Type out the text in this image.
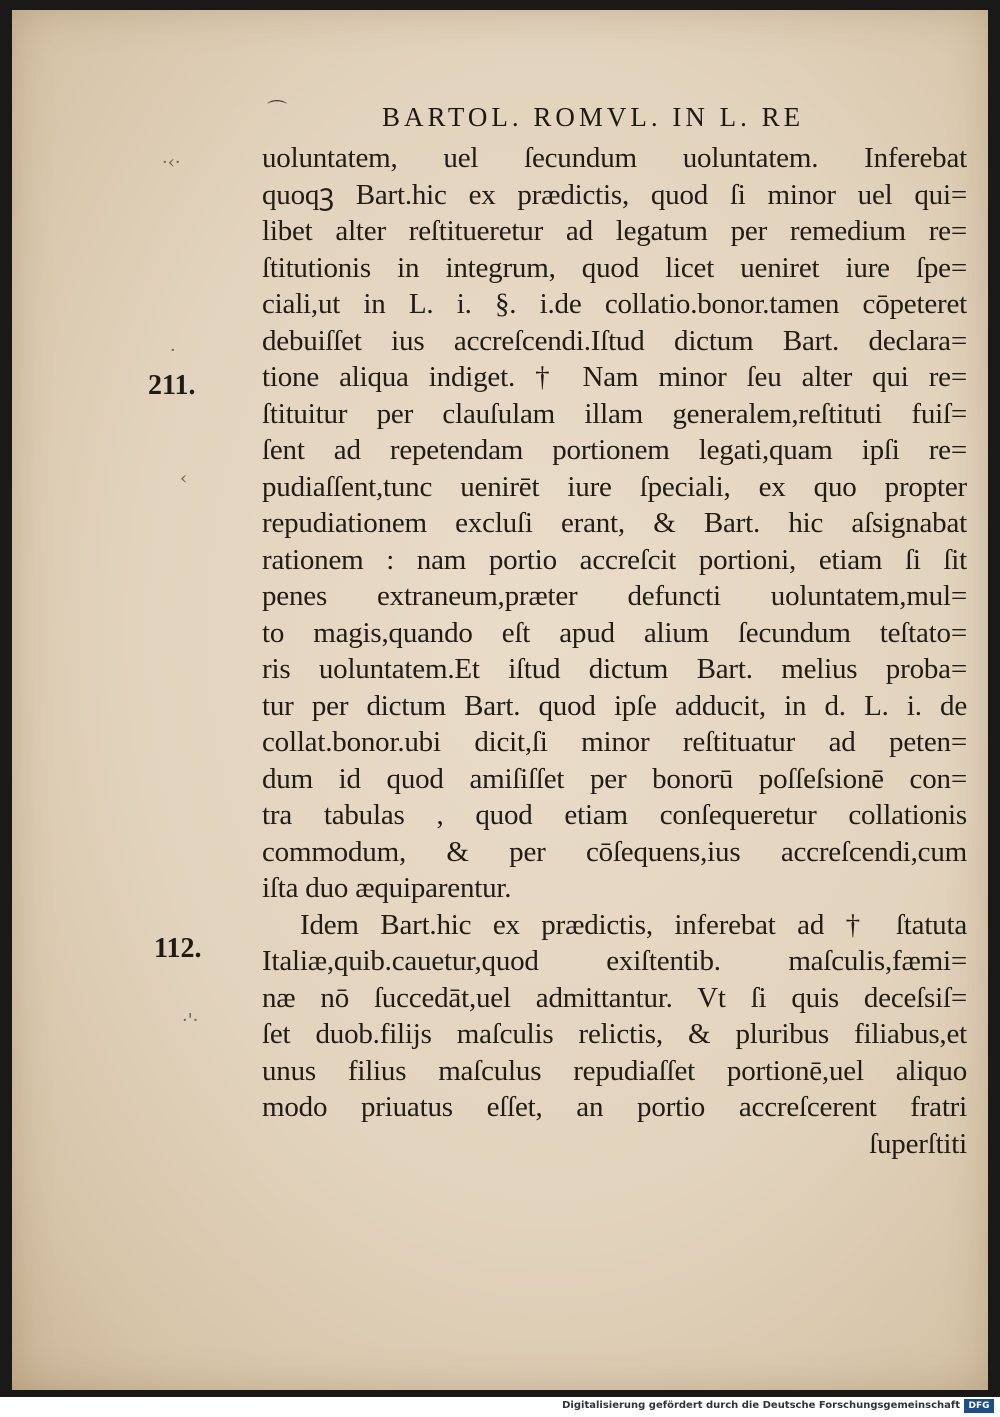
⌒	BARTOL. ROMVL. IN L. RE
·‹·
·
‹
·'·
211.
112.
uoluntatem, uel ſecundum uoluntatem. Inferebat
quoqꝫ Bart.hic ex prædictis, quod ſi minor uel qui=
libet alter reſtitueretur ad legatum per remedium re=
ſtitutionis in integrum, quod licet ueniret iure ſpe=
ciali,ut in L. i. §. i.de collatio.bonor.tamen cōpeteret
debuiſſet ius accreſcendi.Iſtud dictum Bart. declara=
tione aliqua indiget. † Nam minor ſeu alter qui re=
ſtituitur per clauſulam illam generalem,reſtituti fuiſ=
ſent ad repetendam portionem legati,quam ipſi re=
pudiaſſent,tunc uenirēt iure ſpeciali, ex quo propter
repudiationem excluſi erant, & Bart. hic aſsignabat
rationem : nam portio accreſcit portioni, etiam ſi ſit
penes extraneum,præter defuncti uoluntatem,mul=
to magis,quando eſt apud alium ſecundum teſtato=
ris uoluntatem.Et iſtud dictum Bart. melius proba=
tur per dictum Bart. quod ipſe adducit, in d. L. i. de
collat.bonor.ubi dicit,ſi minor reſtituatur ad peten=
dum id quod amiſiſſet per bonorū poſſeſsionē con=
tra tabulas , quod etiam conſequeretur collationis
commodum, & per cōſequens,ius accreſcendi,cum
iſta duo æquiparentur.
Idem Bart.hic ex prædictis, inferebat ad † ſtatuta
Italiæ,quib.cauetur,quod exiſtentib. maſculis,fæmi=
næ nō ſuccedāt,uel admittantur. Vt ſi quis deceſsiſ=
ſet duob.filijs maſculis relictis, & pluribus filiabus,et
unus filius maſculus repudiaſſet portionē,uel aliquo
modo priuatus eſſet, an portio accreſcerent fratri
ſuperſtiti
Digitalisierung gefördert durch die Deutsche Forschungsgemeinschaft DFG
